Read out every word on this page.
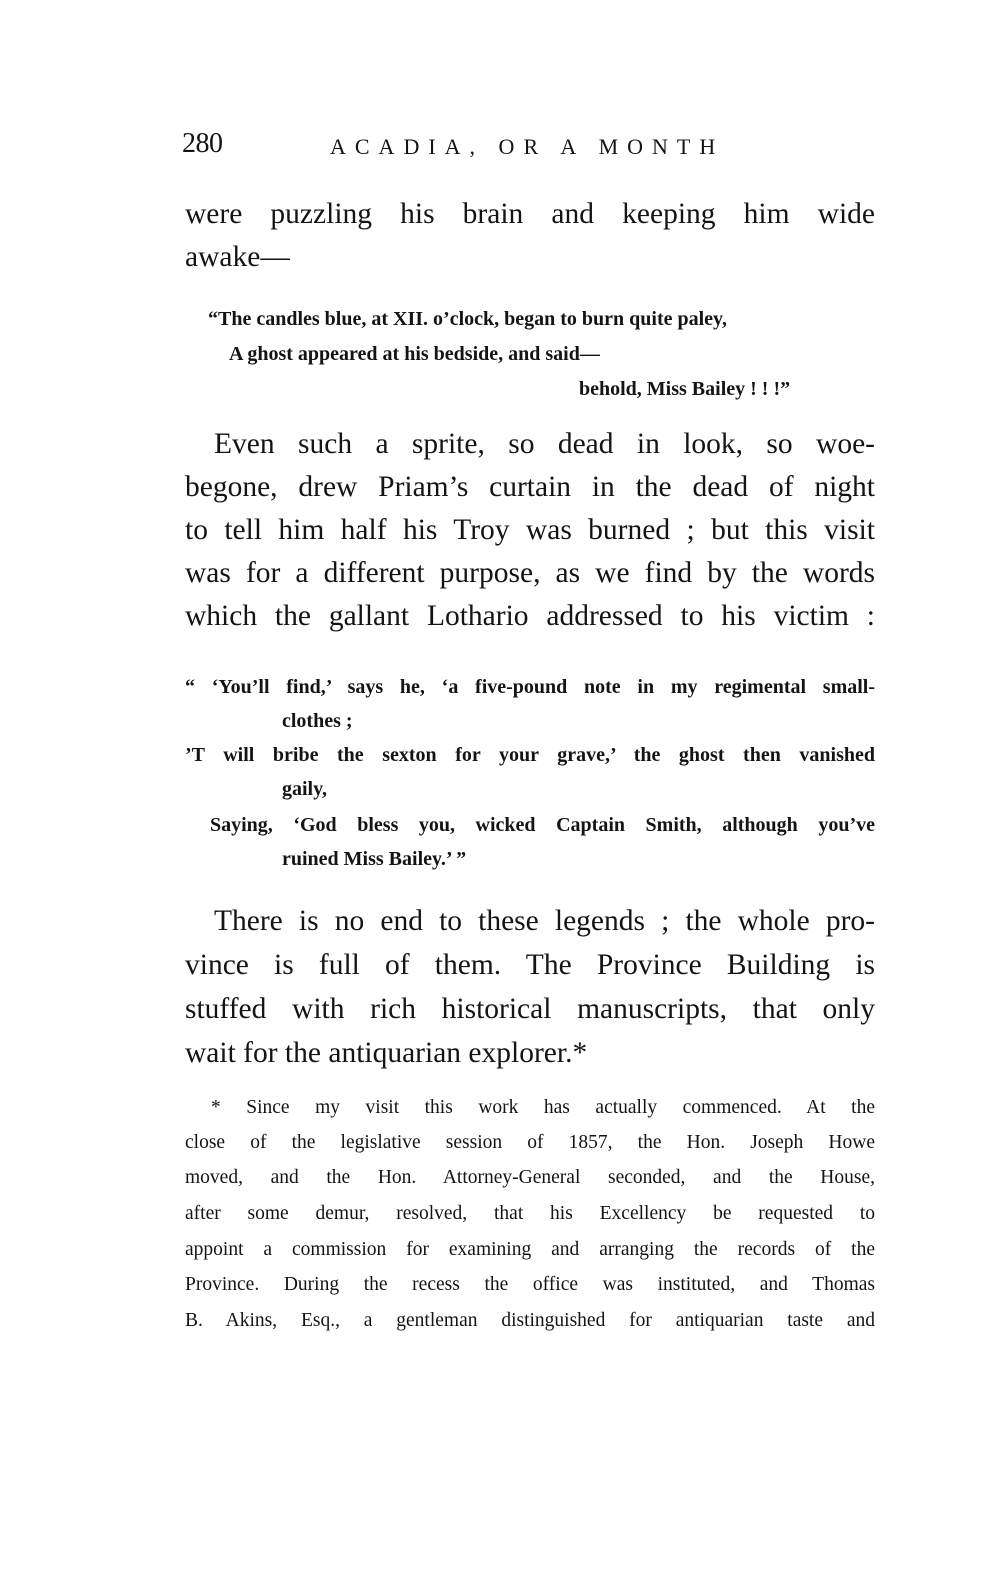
280	ACADIA, OR A MONTH
were puzzling his brain and keeping him wide
awake—
“The candles blue, at XII. o’clock, began to burn quite paley,
A ghost appeared at his bedside, and said—
behold, Miss Bailey ! ! !”
Even such a sprite, so dead in look, so woe-
begone, drew Priam’s curtain in the dead of night
to tell him half his Troy was burned ; but this visit
was for a different purpose, as we find by the words
which the gallant Lothario addressed to his victim :
“ ‘You’ll find,’ says he, ‘a five-pound note in my regimental small-
clothes ;
’T will bribe the sexton for your grave,’ the ghost then vanished
gaily,
Saying, ‘God bless you, wicked Captain Smith, although you’ve
ruined Miss Bailey.’ ”
There is no end to these legends ; the whole pro-
vince is full of them. The Province Building is
stuffed with rich historical manuscripts, that only
wait for the antiquarian explorer.*
* Since my visit this work has actually commenced. At the
close of the legislative session of 1857, the Hon. Joseph Howe
moved, and the Hon. Attorney-General seconded, and the House,
after some demur, resolved, that his Excellency be requested to
appoint a commission for examining and arranging the records of the
Province. During the recess the office was instituted, and Thomas
B. Akins, Esq., a gentleman distinguished for antiquarian taste and
